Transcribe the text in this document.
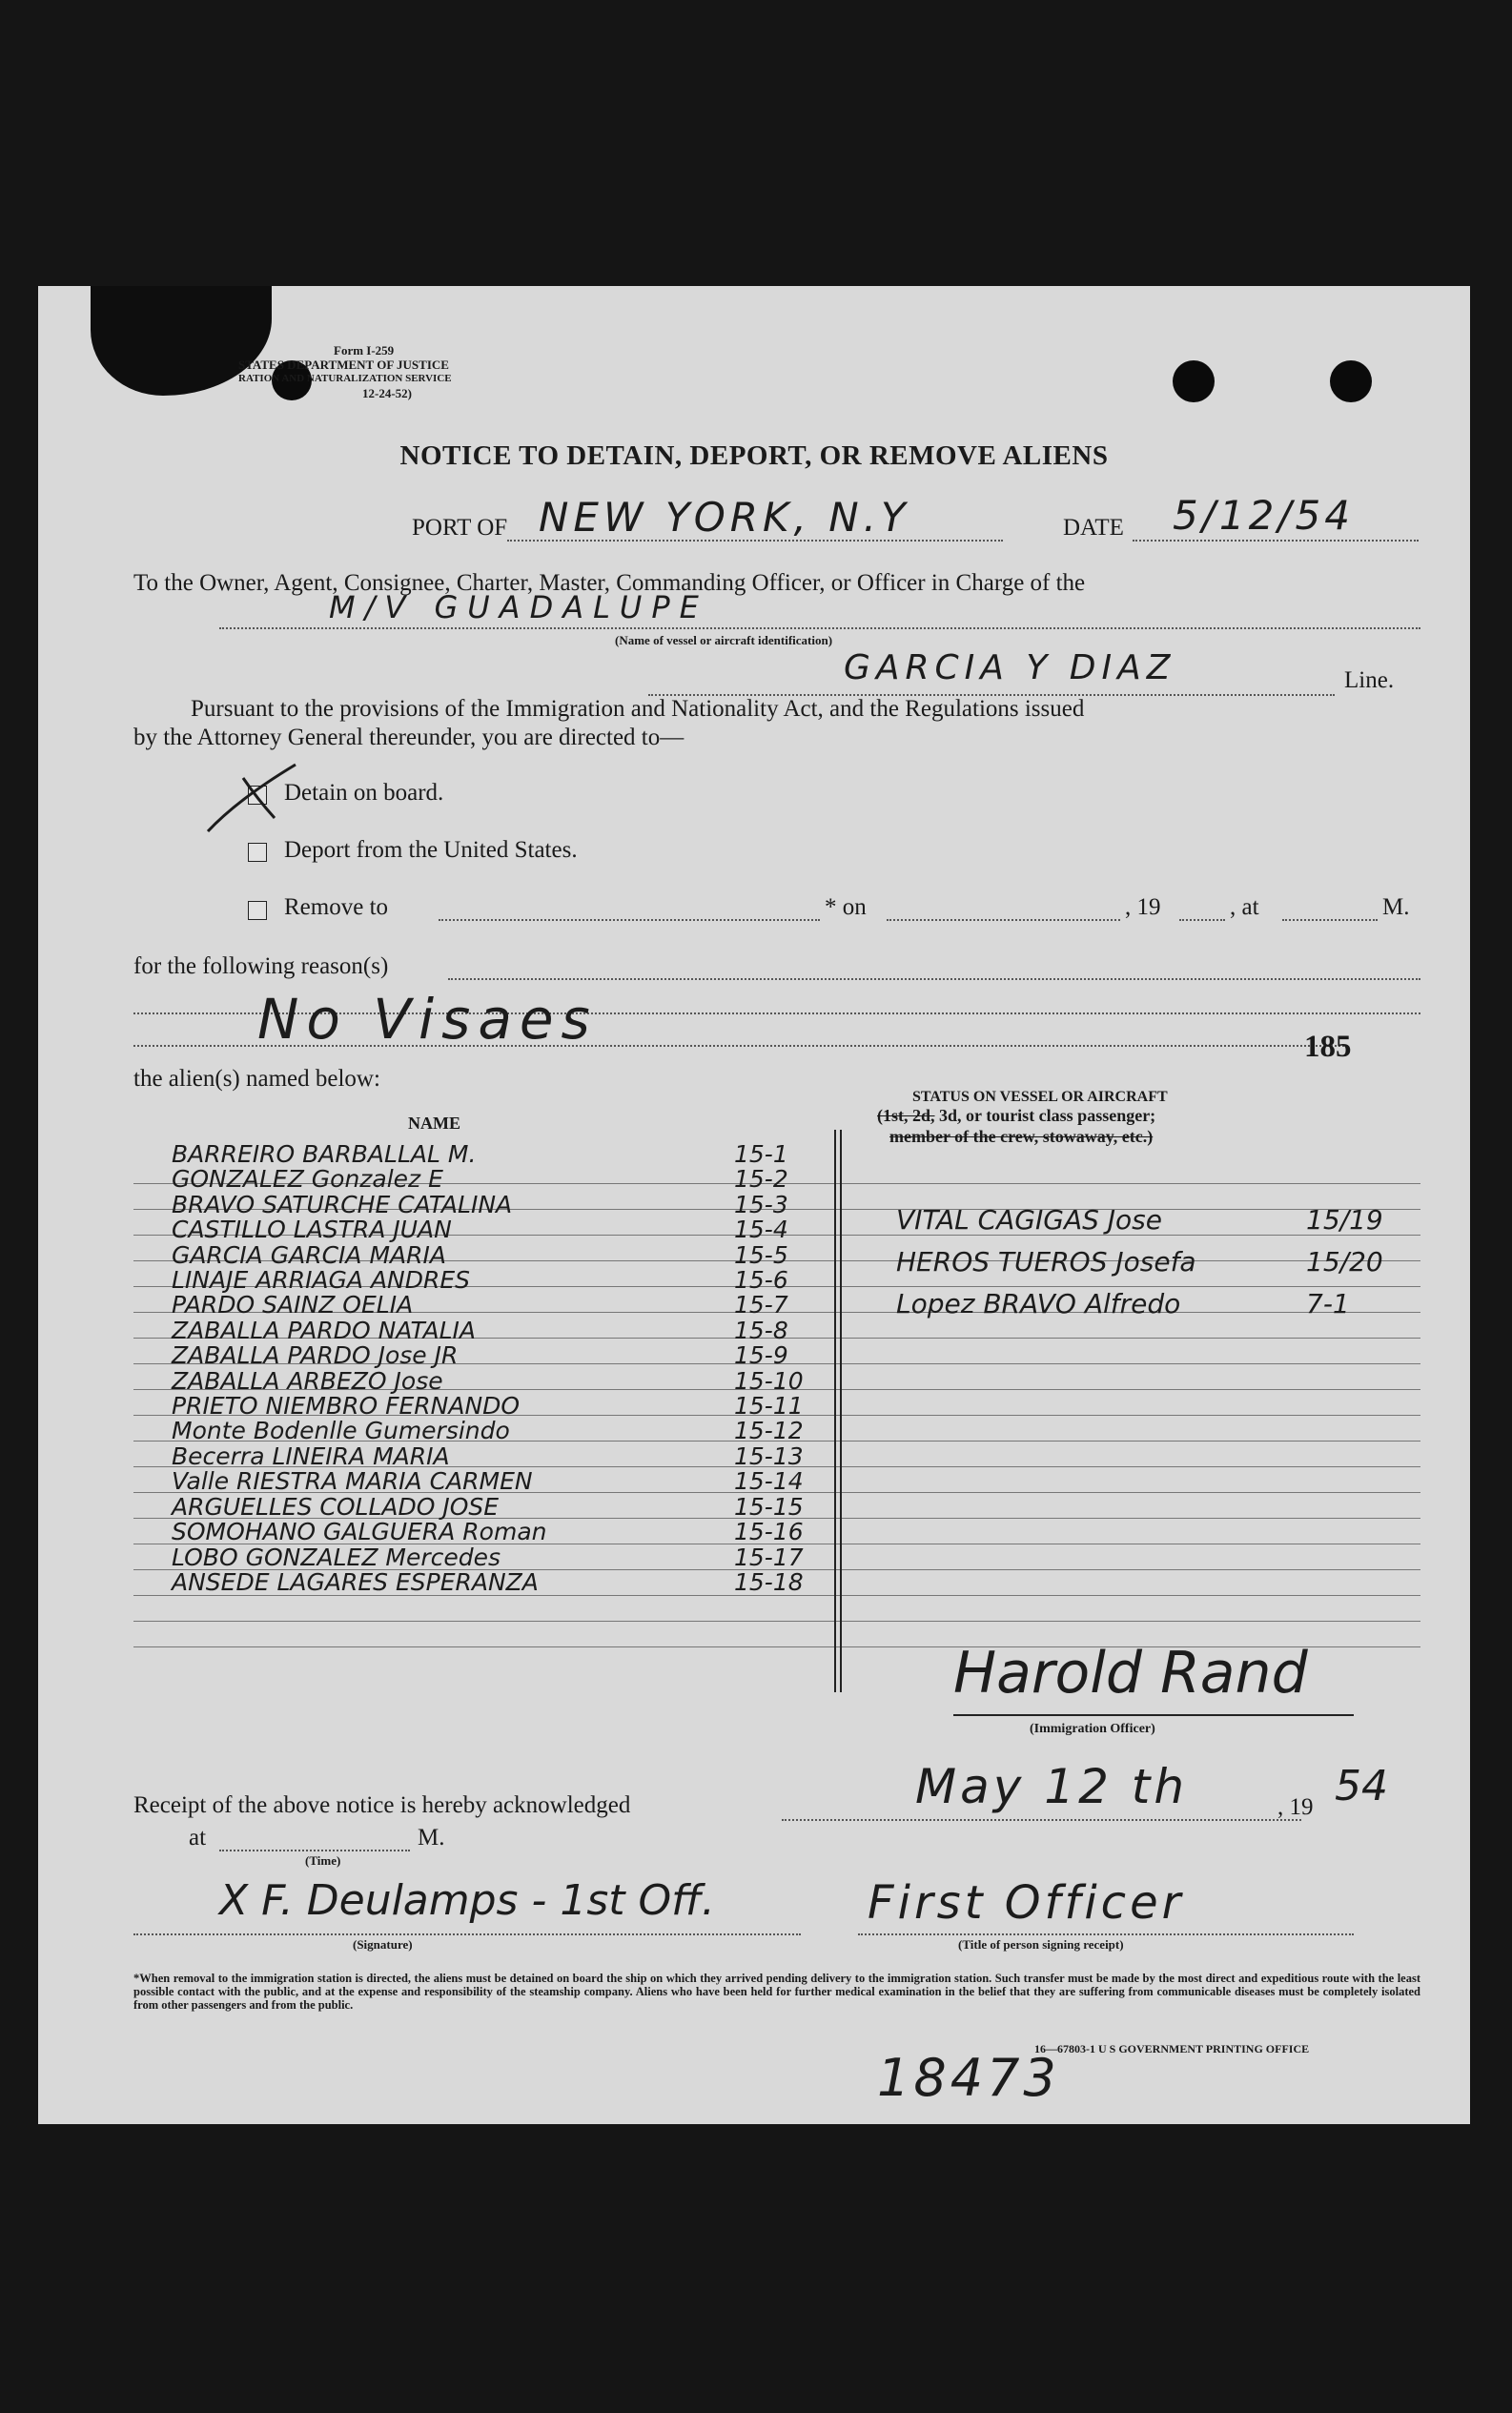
Form I-259
STATES DEPARTMENT OF JUSTICE
RATION AND NATURALIZATION SERVICE
12-24-52)
NOTICE TO DETAIN, DEPORT, OR REMOVE ALIENS
PORT OF NEW YORK, N.Y	DATE 5/12/54
To the Owner, Agent, Consignee, Charter, Master, Commanding Officer, or Officer in Charge of the
M/V GUADALUPE
(Name of vessel or aircraft identification)
GARCIA Y DIAZ	Line.
Pursuant to the provisions of the Immigration and Nationality Act, and the Regulations issued
by the Attorney General thereunder, you are directed to—
Detain on board.
Deport from the United States.
Remove to	* on	, 19	, at	M.
for the following reason(s)
No Visaes	185
the alien(s) named below:
STATUS ON VESSEL OR AIRCRAFT
(1st, 2d, 3d, or tourist class passenger;
member of the crew, stowaway, etc.)
NAME
BARREIRO BARBALLAL M.	15-1
GONZALEZ Gonzalez E	15-2
BRAVO SATURCHE CATALINA	15-3
CASTILLO LASTRA JUAN	15-4
GARCIA GARCIA MARIA	15-5
LINAJE ARRIAGA ANDRES	15-6
PARDO SAINZ OELIA	15-7
ZABALLA PARDO NATALIA	15-8
ZABALLA PARDO Jose JR	15-9
ZABALLA ARBEZO Jose	15-10
PRIETO NIEMBRO FERNANDO	15-11
Monte Bodenlle Gumersindo	15-12
Becerra LINEIRA MARIA	15-13
Valle RIESTRA MARIA CARMEN	15-14
ARGUELLES COLLADO JOSE	15-15
SOMOHANO GALGUERA Roman	15-16
LOBO GONZALEZ Mercedes	15-17
ANSEDE LAGARES ESPERANZA	15-18
VITAL CAGIGAS Jose	15/19
HEROS TUEROS Josefa	15/20
Lopez BRAVO Alfredo	7-1
Harold Rand
(Immigration Officer)
Receipt of the above notice is hereby acknowledged	May 12 th	, 19 54
at	M.
(Time)
X F. Deulamps - 1st Off.	First Officer
(Signature)	(Title of person signing receipt)
*When removal to the immigration station is directed, the aliens must be detained on board the ship on which they arrived pending delivery to the immigration station. Such transfer must be made by the most direct and expeditious route with the least possible contact with the public, and at the expense and responsibility of the steamship company. Aliens who have been held for further medical examination in the belief that they are suffering from communicable diseases must be completely isolated from other passengers and from the public.
16—67803-1 U S GOVERNMENT PRINTING OFFICE
18473
